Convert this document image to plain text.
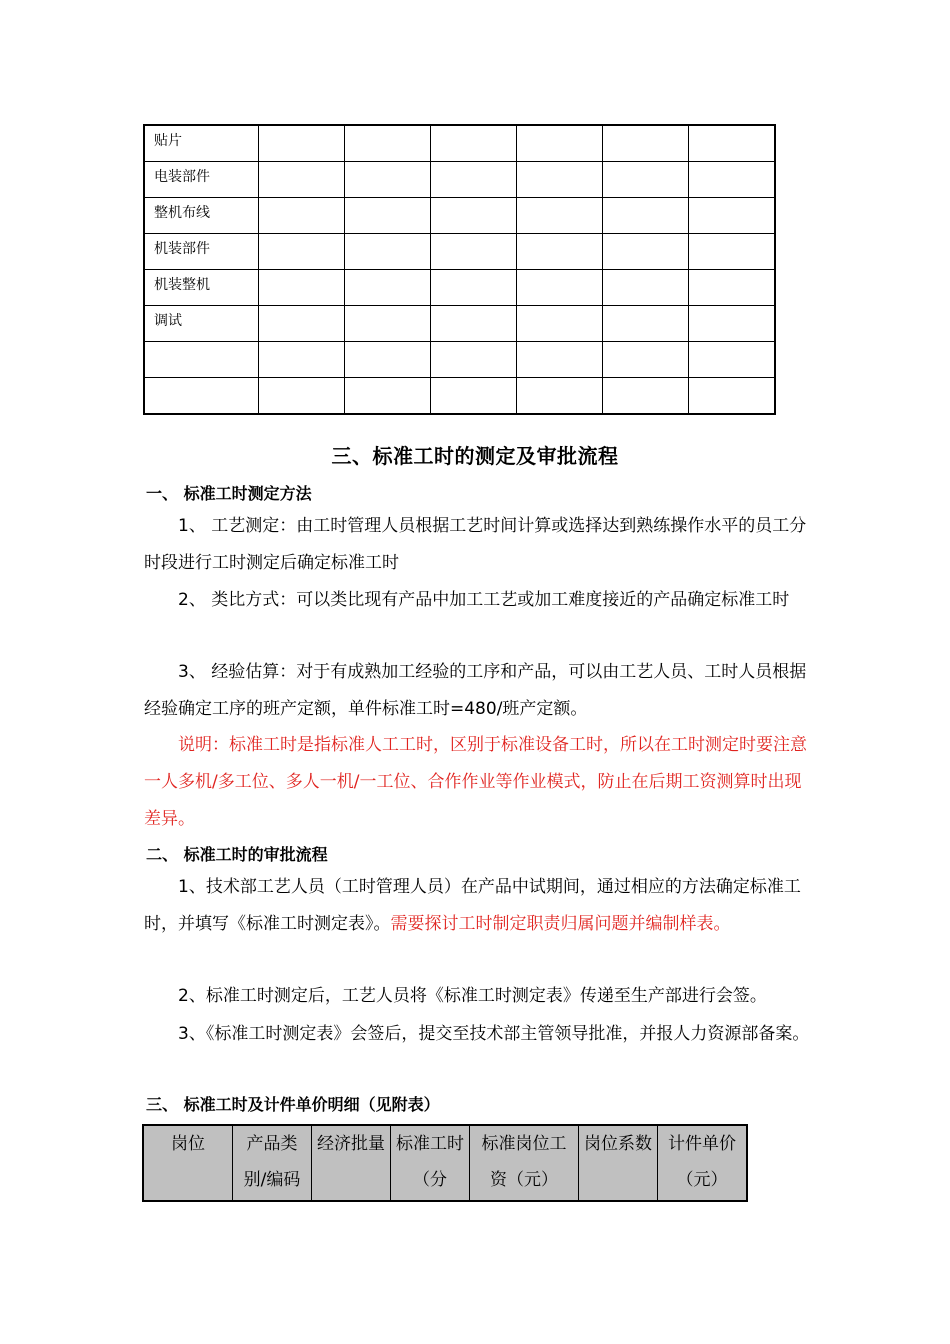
贴片						
电装部件						
整机布线						
机装部件						
机装整机						
调试						

三、标准工时的测定及审批流程
一、 标准工时测定方法
1、 工艺测定：由工时管理人员根据工艺时间计算或选择达到熟练操作水平的员工分时段进行工时测定后确定标准工时
2、 类比方式：可以类比现有产品中加工工艺或加工难度接近的产品确定标准工时
3、 经验估算：对于有成熟加工经验的工序和产品，可以由工艺人员、工时人员根据经验确定工序的班产定额，单件标准工时=480/班产定额。
说明：标准工时是指标准人工工时，区别于标准设备工时，所以在工时测定时要注意一人多机/多工位、多人一机/一工位、合作作业等作业模式，防止在后期工资测算时出现差异。
二、 标准工时的审批流程
1、技术部工艺人员（工时管理人员）在产品中试期间，通过相应的方法确定标准工时，并填写《标准工时测定表》。需要探讨工时制定职责归属问题并编制样表。
2、标准工时测定后，工艺人员将《标准工时测定表》传递至生产部进行会签。
3、《标准工时测定表》会签后，提交至技术部主管领导批准，并报人力资源部备案。
三、 标准工时及计件单价明细（见附表）
岗位	产品类别/编码	经济批量	标准工时（分	标准岗位工资（元）	岗位系数	计件单价（元）
